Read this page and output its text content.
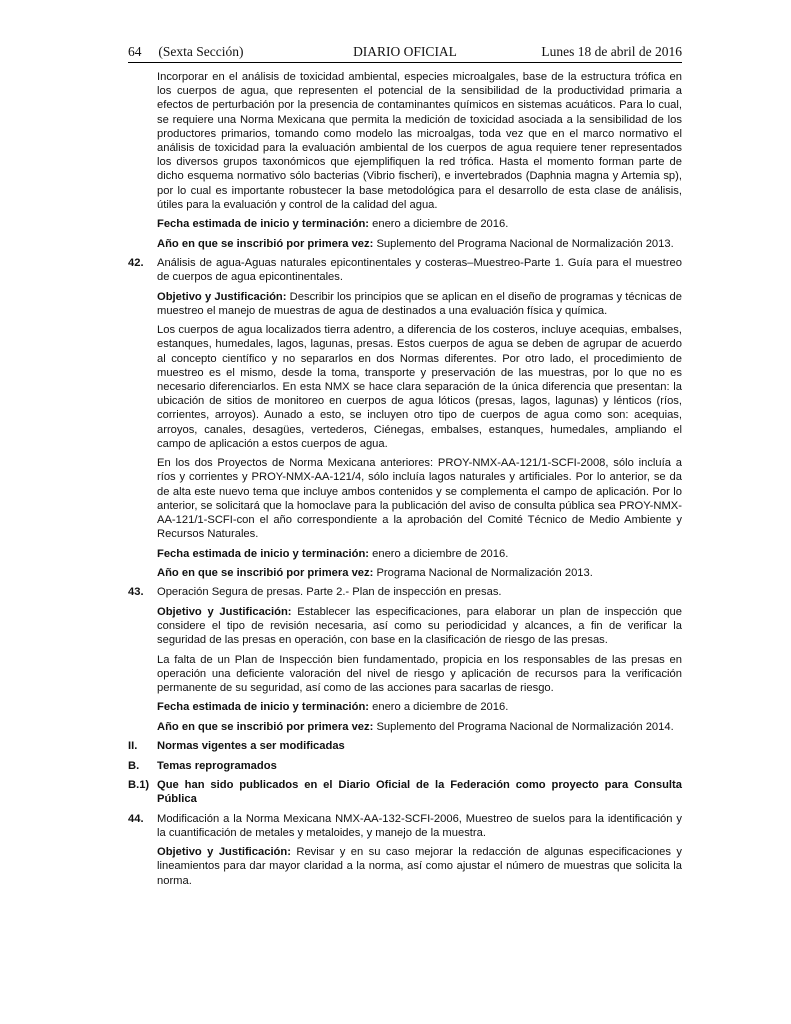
64 (Sexta Sección)	DIARIO OFICIAL	Lunes 18 de abril de 2016

Incorporar en el análisis de toxicidad ambiental, especies microalgales, base de la estructura trófica en los cuerpos de agua, que representen el potencial de la sensibilidad de la productividad primaria a efectos de perturbación por la presencia de contaminantes químicos en sistemas acuáticos. Para lo cual, se requiere una Norma Mexicana que permita la medición de toxicidad asociada a la sensibilidad de los productores primarios, tomando como modelo las microalgas, toda vez que en el marco normativo el análisis de toxicidad para la evaluación ambiental de los cuerpos de agua requiere tener representados los diversos grupos taxonómicos que ejemplifiquen la red trófica. Hasta el momento forman parte de dicho esquema normativo sólo bacterias (Vibrio fischeri), e invertebrados (Daphnia magna y Artemia sp), por lo cual es importante robustecer la base metodológica para el desarrollo de esta clase de análisis, útiles para la evaluación y control de la calidad del agua.

Fecha estimada de inicio y terminación: enero a diciembre de 2016.

Año en que se inscribió por primera vez: Suplemento del Programa Nacional de Normalización 2013.

42.	Análisis de agua-Aguas naturales epicontinentales y costeras–Muestreo-Parte 1. Guía para el muestreo de cuerpos de agua epicontinentales.

Objetivo y Justificación: Describir los principios que se aplican en el diseño de programas y técnicas de muestreo el manejo de muestras de agua de destinados a una evaluación física y química.

Los cuerpos de agua localizados tierra adentro, a diferencia de los costeros, incluye acequias, embalses, estanques, humedales, lagos, lagunas, presas. Estos cuerpos de agua se deben de agrupar de acuerdo al concepto científico y no separarlos en dos Normas diferentes. Por otro lado, el procedimiento de muestreo es el mismo, desde la toma, transporte y preservación de las muestras, por lo que no es necesario diferenciarlos. En esta NMX se hace clara separación de la única diferencia que presentan: la ubicación de sitios de monitoreo en cuerpos de agua lóticos (presas, lagos, lagunas) y lénticos (ríos, corrientes, arroyos). Aunado a esto, se incluyen otro tipo de cuerpos de agua como son: acequias, arroyos, canales, desagües, vertederos, Ciénegas, embalses, estanques, humedales, ampliando el campo de aplicación a estos cuerpos de agua.

En los dos Proyectos de Norma Mexicana anteriores: PROY-NMX-AA-121/1-SCFI-2008, sólo incluía a ríos y corrientes y PROY-NMX-AA-121/4, sólo incluía lagos naturales y artificiales. Por lo anterior, se da de alta este nuevo tema que incluye ambos contenidos y se complementa el campo de aplicación. Por lo anterior, se solicitará que la homoclave para la publicación del aviso de consulta pública sea PROY-NMX-AA-121/1-SCFI-con el año correspondiente a la aprobación del Comité Técnico de Medio Ambiente y Recursos Naturales.

Fecha estimada de inicio y terminación: enero a diciembre de 2016.

Año en que se inscribió por primera vez: Programa Nacional de Normalización 2013.

43.	Operación Segura de presas. Parte 2.- Plan de inspección en presas.

Objetivo y Justificación: Establecer las especificaciones, para elaborar un plan de inspección que considere el tipo de revisión necesaria, así como su periodicidad y alcances, a fin de verificar la seguridad de las presas en operación, con base en la clasificación de riesgo de las presas.

La falta de un Plan de Inspección bien fundamentado, propicia en los responsables de las presas en operación una deficiente valoración del nivel de riesgo y aplicación de recursos para la verificación permanente de su seguridad, así como de las acciones para sacarlas de riesgo.

Fecha estimada de inicio y terminación: enero a diciembre de 2016.

Año en que se inscribió por primera vez: Suplemento del Programa Nacional de Normalización 2014.

II.	Normas vigentes a ser modificadas
B.	Temas reprogramados
B.1) Que han sido publicados en el Diario Oficial de la Federación como proyecto para Consulta Pública
44.	Modificación a la Norma Mexicana NMX-AA-132-SCFI-2006, Muestreo de suelos para la identificación y la cuantificación de metales y metaloides, y manejo de la muestra.

Objetivo y Justificación: Revisar y en su caso mejorar la redacción de algunas especificaciones y lineamientos para dar mayor claridad a la norma, así como ajustar el número de muestras que solicita la norma.
